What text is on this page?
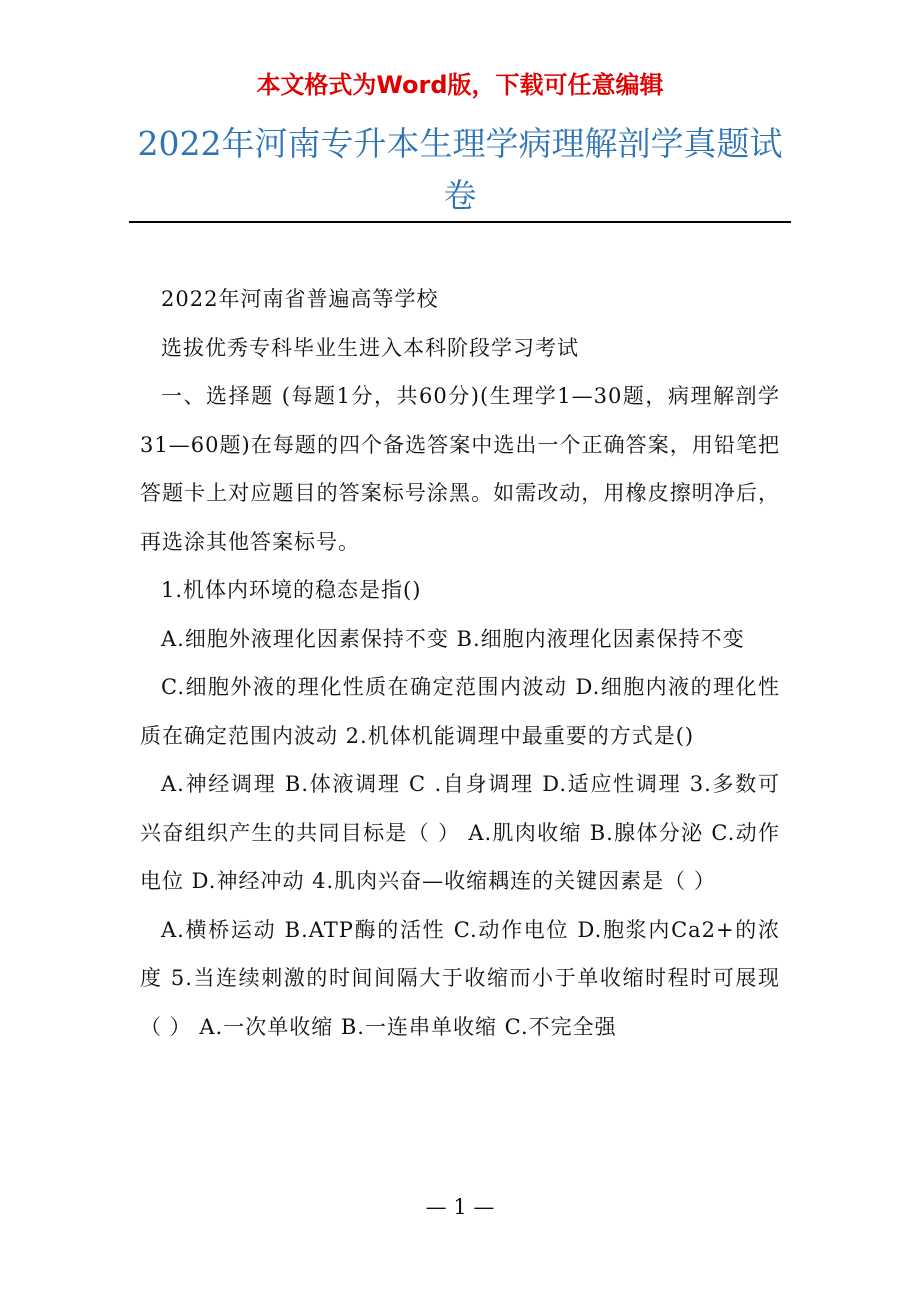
本文格式为Word版，下载可任意编辑
2022年河南专升本生理学病理解剖学真题试卷

2022年河南省普遍高等学校

选拔优秀专科毕业生进入本科阶段学习考试

一、选择题 (每题1分，共60分)(生理学1—30题，病理解剖学31—60题)在每题的四个备选答案中选出一个正确答案，用铅笔把答题卡上对应题目的答案标号涂黑。如需改动，用橡皮擦明净后，再选涂其他答案标号。

1.机体内环境的稳态是指()

A.细胞外液理化因素保持不变 B.细胞内液理化因素保持不变

C.细胞外液的理化性质在确定范围内波动 D.细胞内液的理化性质在确定范围内波动 2.机体机能调理中最重要的方式是()

A.神经调理 B.体液调理 C .自身调理 D.适应性调理 3.多数可兴奋组织产生的共同目标是（ ） A.肌肉收缩 B.腺体分泌 C.动作电位 D.神经冲动 4.肌肉兴奋—收缩耦连的关键因素是（ ）

A.横桥运动 B.ATP酶的活性 C.动作电位 D.胞浆内Ca2+的浓度 5.当连续刺激的时间间隔大于收缩而小于单收缩时程时可展现（ ） A.一次单收缩 B.一连串单收缩 C.不完全强

— 1 —
